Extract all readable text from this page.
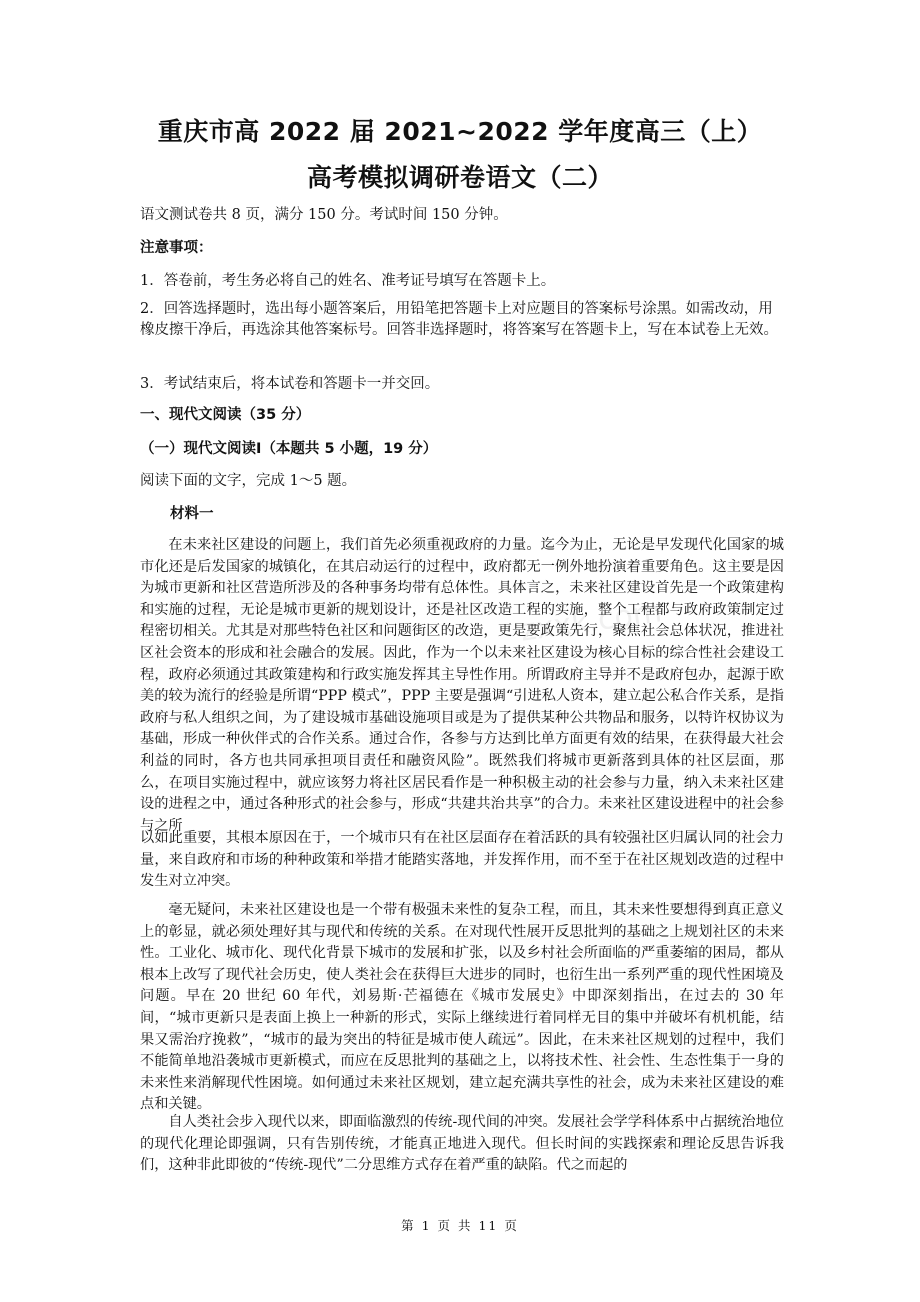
重庆市高 2022 届 2021~2022 学年度高三（上）
高考模拟调研卷语文（二）

语文测试卷共 8 页，满分 150 分。考试时间 150 分钟。

注意事项：

1．答卷前，考生务必将自己的姓名、准考证号填写在答题卡上。

2．回答选择题时，选出每小题答案后，用铅笔把答题卡上对应题目的答案标号涂黑。如需改动，用橡皮擦干净后，再选涂其他答案标号。回答非选择题时，将答案写在答题卡上，写在本试卷上无效。

3．考试结束后，将本试卷和答题卡一并交回。

一、现代文阅读（35 分）

（一）现代文阅读Ⅰ（本题共 5 小题，19 分）

阅读下面的文字，完成 1～5 题。

材料一

zxxk.com

在未来社区建设的问题上，我们首先必须重视政府的力量。迄今为止，无论是早发现代化国家的城市化还是后发国家的城镇化，在其启动运行的过程中，政府都无一例外地扮演着重要角色。这主要是因为城市更新和社区营造所涉及的各种事务均带有总体性。具体言之，未来社区建设首先是一个政策建构和实施的过程，无论是城市更新的规划设计，还是社区改造工程的实施，整个工程都与政府政策制定过程密切相关。尤其是对那些特色社区和问题街区的改造，更是要政策先行，聚焦社会总体状况，推进社区社会资本的形成和社会融合的发展。因此，作为一个以未来社区建设为核心目标的综合性社会建设工程，政府必须通过其政策建构和行政实施发挥其主导性作用。所谓政府主导并不是政府包办，起源于欧美的较为流行的经验是所谓“PPP 模式”，PPP 主要是强调“引进私人资本，建立起公私合作关系，是指政府与私人组织之间，为了建设城市基础设施项目或是为了提供某种公共物品和服务，以特许权协议为基础，形成一种伙伴式的合作关系。通过合作，各参与方达到比单方面更有效的结果，在获得最大社会利益的同时，各方也共同承担项目责任和融资风险”。既然我们将城市更新落到具体的社区层面，那么，在项目实施过程中，就应该努力将社区居民看作是一种积极主动的社会参与力量，纳入未来社区建设的进程之中，通过各种形式的社会参与，形成“共建共治共享”的合力。未来社区建设进程中的社会参与之所

以如此重要，其根本原因在于，一个城市只有在社区层面存在着活跃的具有较强社区归属认同的社会力量，来自政府和市场的种种政策和举措才能踏实落地，并发挥作用，而不至于在社区规划改造的过程中发生对立冲突。

毫无疑问，未来社区建设也是一个带有极强未来性的复杂工程，而且，其未来性要想得到真正意义上的彰显，就必须处理好其与现代和传统的关系。在对现代性展开反思批判的基础之上规划社区的未来性。工业化、城市化、现代化背景下城市的发展和扩张，以及乡村社会所面临的严重萎缩的困局，都从根本上改写了现代社会历史，使人类社会在获得巨大进步的同时，也衍生出一系列严重的现代性困境及问题。早在 20 世纪 60 年代，刘易斯·芒福德在《城市发展史》中即深刻指出，在过去的 30 年间，“城市更新只是表面上换上一种新的形式，实际上继续进行着同样无目的集中并破坏有机机能，结果又需治疗挽救”，“城市的最为突出的特征是城市使人疏远”。因此，在未来社区规划的过程中，我们不能简单地沿袭城市更新模式，而应在反思批判的基础之上，以将技术性、社会性、生态性集于一身的未来性来消解现代性困境。如何通过未来社区规划，建立起充满共享性的社会，成为未来社区建设的难点和关键。

自人类社会步入现代以来，即面临激烈的传统-现代间的冲突。发展社会学学科体系中占据统治地位的现代化理论即强调，只有告别传统，才能真正地进入现代。但长时间的实践探索和理论反思告诉我们，这种非此即彼的“传统-现代”二分思维方式存在着严重的缺陷。代之而起的

第 1 页 共 11 页
